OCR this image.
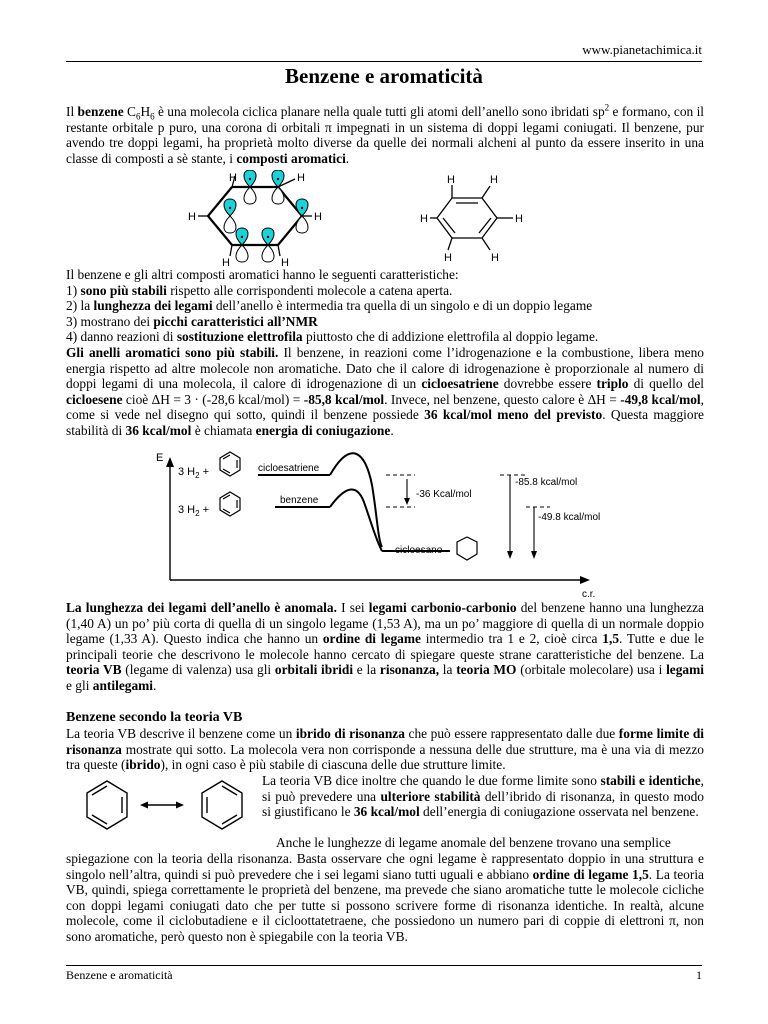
www.pianetachimica.it
Benzene e aromaticità

Il benzene $C_6H_6$ è una molecola ciclica planare nella quale tutti gli atomi dell’anello sono ibridati $sp^2$ e formano, con il restante orbitale p puro, una corona di orbitali π impegnati in un sistema di doppi legami coniugati. Il benzene, pur avendo tre doppi legami, ha proprietà molto diverse da quelle dei normali alcheni al punto da essere inserito in una classe di composti a sè stante, i composti aromatici.

H	H
H
H
H
H
H	H
H
H
H
H

Il benzene e gli altri composti aromatici hanno le seguenti caratteristiche:

1) sono più stabili rispetto alle corrispondenti molecole a catena aperta.

2) la lunghezza dei legami dell’anello è intermedia tra quella di un singolo e di un doppio legame

3) mostrano dei picchi caratteristici all’NMR

4) danno reazioni di sostituzione elettrofila piuttosto che di addizione elettrofila al doppio legame.

Gli anelli aromatici sono più stabili. Il benzene, in reazioni come l’idrogenazione e la combustione, libera meno energia rispetto ad altre molecole non aromatiche. Dato che il calore di idrogenazione è proporzionale al numero di doppi legami di una molecola, il calore di idrogenazione di un cicloesatriene dovrebbe essere triplo di quello del cicloesene cioè ΔH = 3 · (-28,6 kcal/mol) = -85,8 kcal/mol. Invece, nel benzene, questo calore è ΔH = -49,8 kcal/mol, come si vede nel disegno qui sotto, quindi il benzene possiede 36 kcal/mol meno del previsto. Questa maggiore stabilità di 36 kcal/mol è chiamata energia di coniugazione.

E
c.r.
3 $H_2$ +
3 $H_2$ +
cicloesatriene
benzene
cicloesano
-36 Kcal/mol
-85.8 kcal/mol
-49.8 kcal/mol

La lunghezza dei legami dell’anello è anomala. I sei legami carbonio-carbonio del benzene hanno una lunghezza (1,40 A) un po’ più corta di quella di un singolo legame (1,53 A), ma un po’ maggiore di quella di un normale doppio legame (1,33 A). Questo indica che hanno un ordine di legame intermedio tra 1 e 2, cioè circa 1,5. Tutte e due le principali teorie che descrivono le molecole hanno cercato di spiegare queste strane caratteristiche del benzene. La teoria VB (legame di valenza) usa gli orbitali ibridi e la risonanza, la teoria MO (orbitale molecolare) usa i legami e gli antilegami.

Benzene secondo la teoria VB

La teoria VB descrive il benzene come un ibrido di risonanza che può essere rappresentato dalle due forme limite di risonanza mostrate qui sotto. La molecola vera non corrisponde a nessuna delle due strutture, ma è una via di mezzo tra queste (ibrido), in ogni caso è più stabile di ciascuna delle due strutture limite.

La teoria VB dice inoltre che quando le due forme limite sono stabili e identiche, si può prevedere una ulteriore stabilità dell’ibrido di risonanza, in questo modo si giustificano le 36 kcal/mol dell’energia di coniugazione osservata nel benzene.

Anche le lunghezze di legame anomale del benzene trovano una semplice

spiegazione con la teoria della risonanza. Basta osservare che ogni legame è rappresentato doppio in una struttura e singolo nell’altra, quindi si può prevedere che i sei legami siano tutti uguali e abbiano ordine di legame 1,5. La teoria VB, quindi, spiega correttamente le proprietà del benzene, ma prevede che siano aromatiche tutte le molecole cicliche con doppi legami coniugati dato che per tutte si possono scrivere forme di risonanza identiche. In realtà, alcune molecole, come il ciclobutadiene e il cicloottatetraene, che possiedono un numero pari di coppie di elettroni π, non sono aromatiche, però questo non è spiegabile con la teoria VB.

Benzene e aromaticità	1
